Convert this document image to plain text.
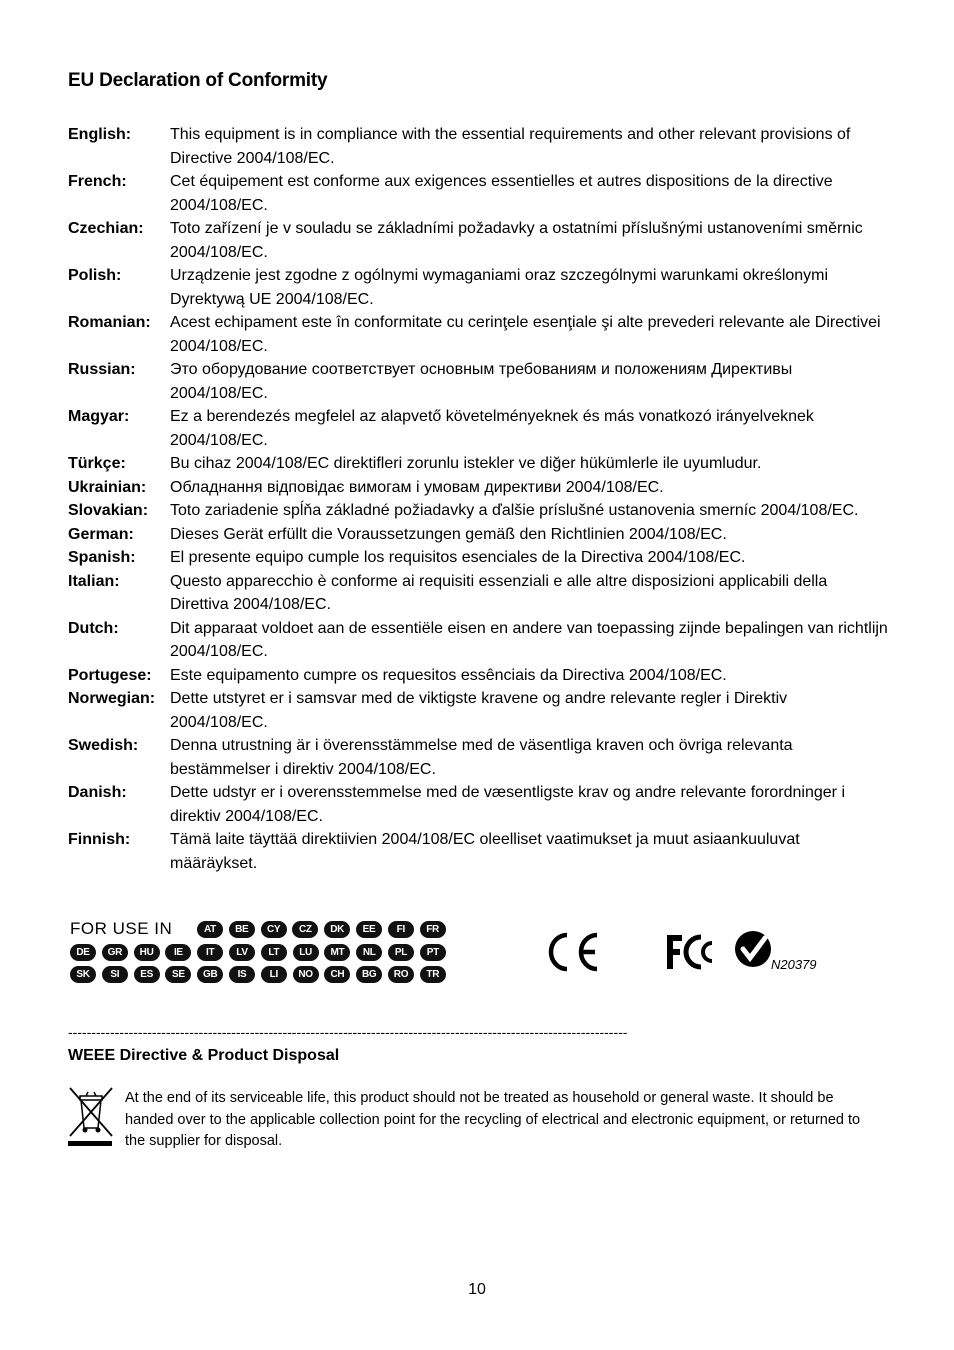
EU Declaration of Conformity
English:	This equipment is in compliance with the essential requirements and other relevant provisions of Directive 2004/108/EC.
French:	Cet équipement est conforme aux exigences essentielles et autres dispositions de la directive 2004/108/EC.
Czechian:	Toto zařízení je v souladu se základními požadavky a ostatními příslušnými ustanoveními směrnic 2004/108/EC.
Polish:	Urządzenie jest zgodne z ogólnymi wymaganiami oraz szczególnymi warunkami określonymi Dyrektywą UE 2004/108/EC.
Romanian:	Acest echipament este în conformitate cu cerinţele esenţiale şi alte prevederi relevante ale Directivei 2004/108/EC.
Russian:	Это оборудование соответствует основным требованиям и положениям Директивы 2004/108/EC.
Magyar:	Ez a berendezés megfelel az alapvető követelményeknek és más vonatkozó irányelveknek 2004/108/EC.
Türkçe:	Bu cihaz 2004/108/EC direktifleri zorunlu istekler ve diğer hükümlerle ile uyumludur.
Ukrainian:	Обладнання відповідає вимогам і умовам директиви 2004/108/EC.
Slovakian:	Toto zariadenie spĺňa základné požiadavky a ďalšie príslušné ustanovenia smerníc 2004/108/EC.
German:	Dieses Gerät erfüllt die Voraussetzungen gemäß den Richtlinien 2004/108/EC.
Spanish:	El presente equipo cumple los requisitos esenciales de la Directiva 2004/108/EC.
Italian:	Questo apparecchio è conforme ai requisiti essenziali e alle altre disposizioni applicabili della Direttiva 2004/108/EC.
Dutch:	Dit apparaat voldoet aan de essentiële eisen en andere van toepassing zijnde bepalingen van richtlijn 2004/108/EC.
Portugese:	Este equipamento cumpre os requesitos essênciais da Directiva 2004/108/EC.
Norwegian: Dette utstyret er i samsvar med de viktigste kravene og andre relevante regler i Direktiv 2004/108/EC.
Swedish:	Denna utrustning är i överensstämmelse med de väsentliga kraven och övriga relevanta bestämmelser i direktiv 2004/108/EC.
Danish:	Dette udstyr er i overensstemmelse med de væsentligste krav og andre relevante forordninger i direktiv 2004/108/EC.
Finnish:	Tämä laite täyttää direktiivien 2004/108/EC oleelliset vaatimukset ja muut asiaankuuluvat määräykset.
FOR USE IN	AT	BE	CY	CZ	DK	EE	FI	FR
DE	GR	HU	IE	IT	LV	LT	LU	MT	NL	PL	PT
SK	SI	ES	SE	GB	IS	LI	NO	CH	BG	RO	TR
N20379
------------------------------------------------------------------------------------------------------------------------
WEEE Directive & Product Disposal
At the end of its serviceable life, this product should not be treated as household or general waste. It should be handed over to the applicable collection point for the recycling of electrical and electronic equipment, or returned to the supplier for disposal.
10
